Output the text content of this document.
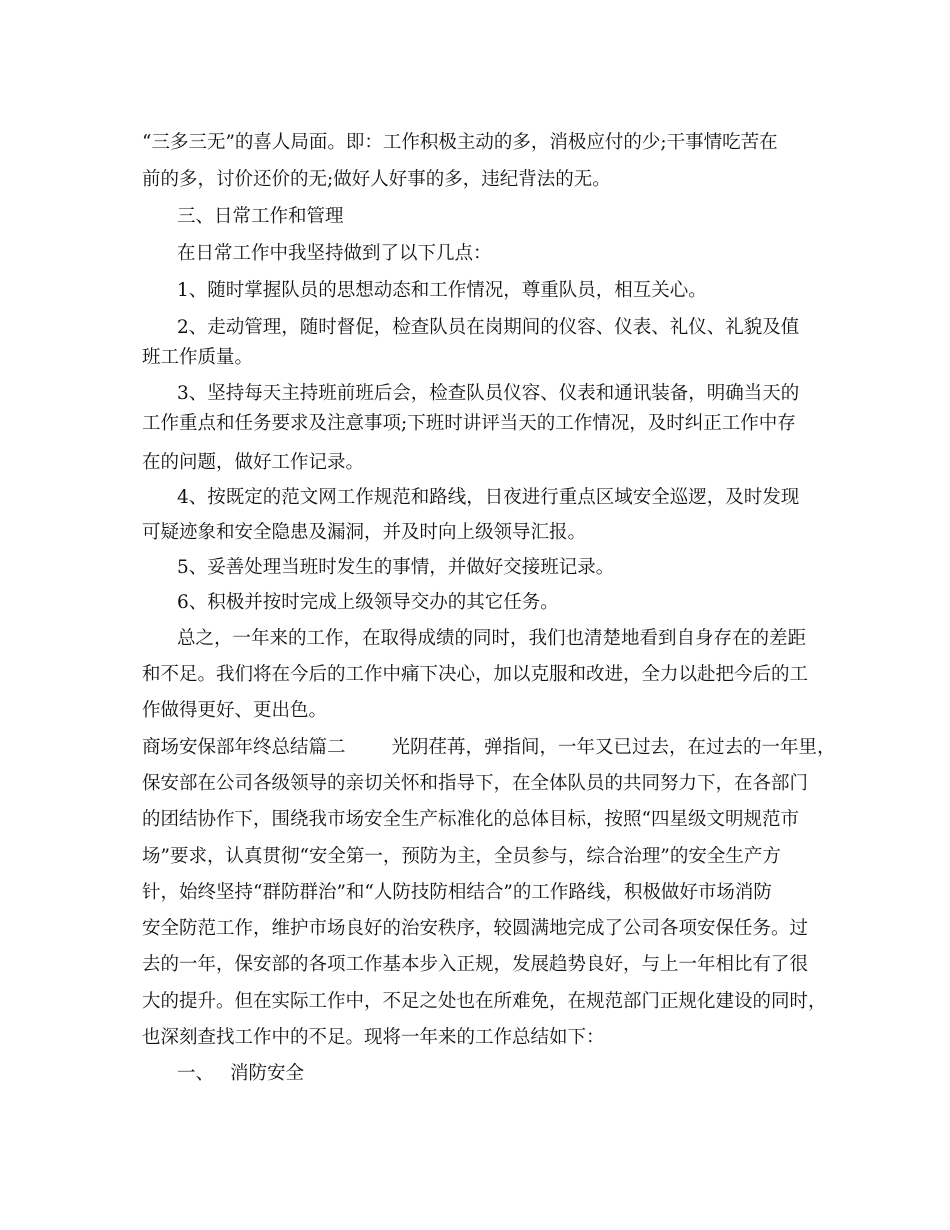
“三多三无”的喜人局面。即：工作积极主动的多，消极应付的少;干事情吃苦在
前的多，讨价还价的无;做好人好事的多，违纪背法的无。
三、日常工作和管理
在日常工作中我坚持做到了以下几点：
1、随时掌握队员的思想动态和工作情况，尊重队员，相互关心。
2、走动管理，随时督促，检查队员在岗期间的仪容、仪表、礼仪、礼貌及值
班工作质量。
3、坚持每天主持班前班后会，检查队员仪容、仪表和通讯装备，明确当天的
工作重点和任务要求及注意事项;下班时讲评当天的工作情况，及时纠正工作中存
在的问题，做好工作记录。
4、按既定的范文网工作规范和路线，日夜进行重点区域安全巡逻，及时发现
可疑迹象和安全隐患及漏洞，并及时向上级领导汇报。
5、妥善处理当班时发生的事情，并做好交接班记录。
6、积极并按时完成上级领导交办的其它任务。
总之，一年来的工作，在取得成绩的同时，我们也清楚地看到自身存在的差距
和不足。我们将在今后的工作中痛下决心，加以克服和改进，全力以赴把今后的工
作做得更好、更出色。
商场安保部年终总结篇二 光阴荏苒，弹指间，一年又已过去，在过去的一年里，
保安部在公司各级领导的亲切关怀和指导下，在全体队员的共同努力下，在各部门
的团结协作下，围绕我市场安全生产标准化的总体目标，按照“四星级文明规范市
场”要求，认真贯彻“安全第一，预防为主，全员参与，综合治理”的安全生产方
针，始终坚持“群防群治”和“人防技防相结合”的工作路线，积极做好市场消防
安全防范工作，维护市场良好的治安秩序，较圆满地完成了公司各项安保任务。过
去的一年，保安部的各项工作基本步入正规，发展趋势良好，与上一年相比有了很
大的提升。但在实际工作中，不足之处也在所难免，在规范部门正规化建设的同时，
也深刻查找工作中的不足。现将一年来的工作总结如下：
一、 消防安全
